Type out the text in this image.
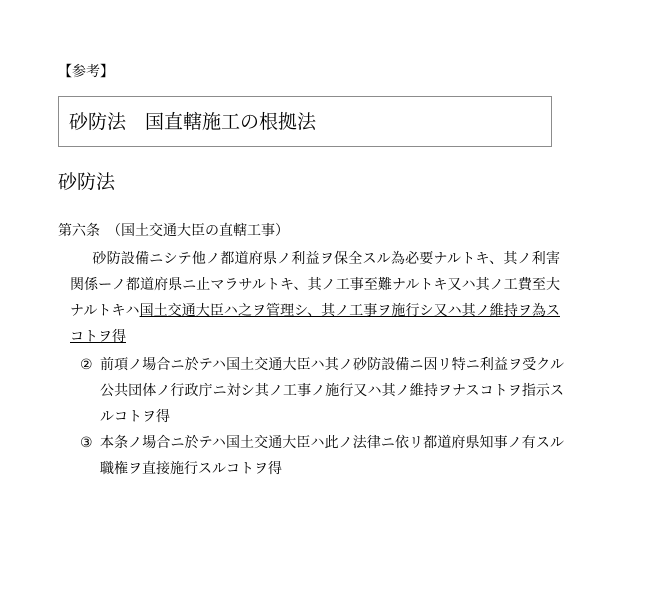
【参考】
砂防法　国直轄施工の根拠法
砂防法
第六条　（国土交通大臣の直轄工事）
砂防設備ニシテ他ノ都道府県ノ利益ヲ保全スル為必要ナルトキ、其ノ利害関係ーノ都道府県ニ止マラサルトキ、其ノ工事至難ナルトキ又ハ其ノ工費至大ナルトキハ国土交通大臣ハ之ヲ管理シ、其ノ工事ヲ施行シ又ハ其ノ維持ヲ為スコトヲ得
② 前項ノ場合ニ於テハ国土交通大臣ハ其ノ砂防設備ニ因リ特ニ利益ヲ受クル公共団体ノ行政庁ニ対シ其ノ工事ノ施行又ハ其ノ維持ヲナスコトヲ指示スルコトヲ得
③ 本条ノ場合ニ於テハ国土交通大臣ハ此ノ法律ニ依リ都道府県知事ノ有スル職権ヲ直接施行スルコトヲ得
